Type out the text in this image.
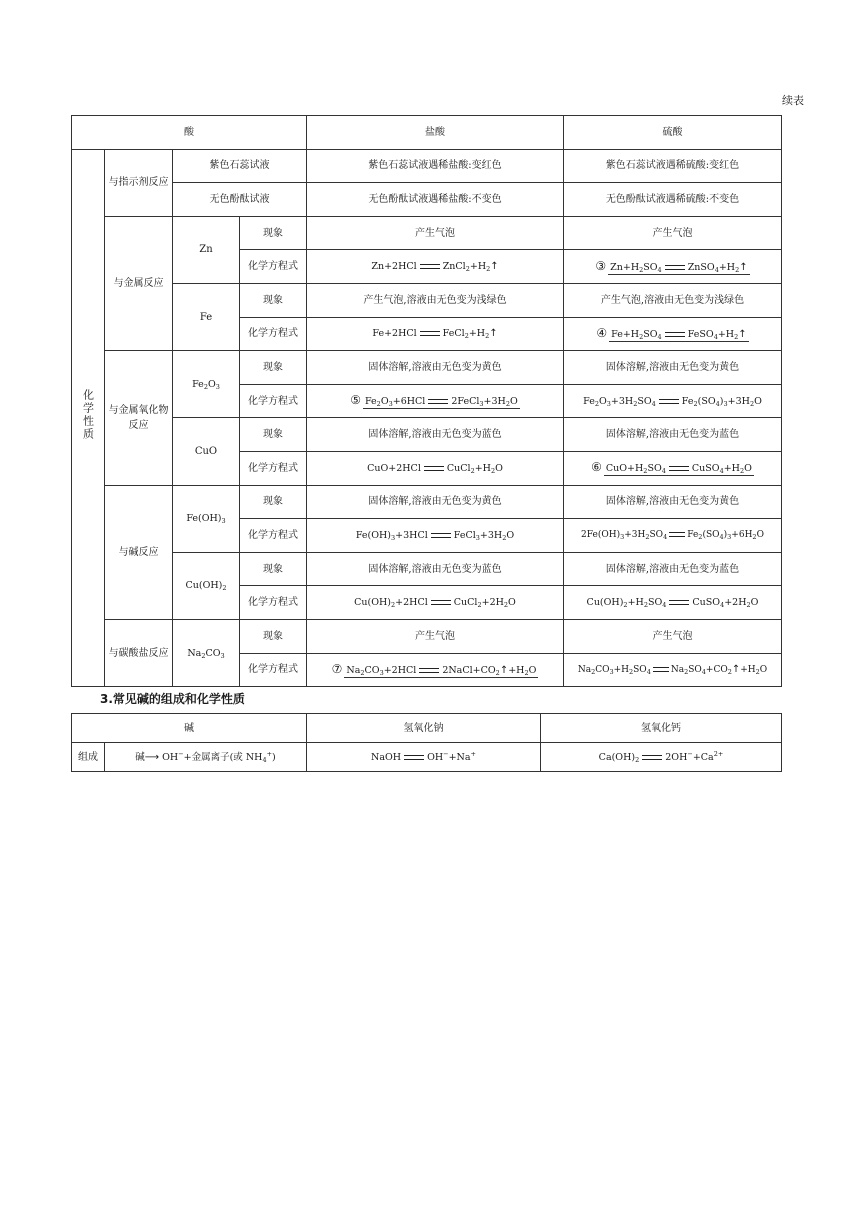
续表
酸				盐酸	硫酸
化学性质	与指示剂反应	紫色石蕊试液		紫色石蕊试液遇稀盐酸:变红色	紫色石蕊试液遇稀硫酸:变红色
		无色酚酞试液		无色酚酞试液遇稀盐酸:不变色	无色酚酞试液遇稀硫酸:不变色
	与金属反应	Zn	现象	产生气泡	产生气泡
			化学方程式	Zn+2HCl $ZnCl_2+H_2↑$	③ $Zn+H_2SO_4$ $ZnSO_4+H_2↑$
		Fe	现象	产生气泡,溶液由无色变为浅绿色	产生气泡,溶液由无色变为浅绿色
			化学方程式	Fe+2HCl $FeCl_2+H_2↑$	④ $Fe+H_2SO_4$ $FeSO_4+H_2↑$
	与金属氧化物反应	$Fe_2O_3$	现象	固体溶解,溶液由无色变为黄色	固体溶解,溶液由无色变为黄色
			化学方程式	⑤ $Fe_2O_3+6HCl$ $2FeCl_3+3H_2O$	$Fe_2O_3+3H_2SO_4$ $Fe_2(SO_4)_3+3H_2O$
		CuO	现象	固体溶解,溶液由无色变为蓝色	固体溶解,溶液由无色变为蓝色
			化学方程式	CuO+2HCl $CuCl_2+H_2O$	⑥ $CuO+H_2SO_4$ $CuSO_4+H_2O$
	与碱反应	$Fe(OH)_3$	现象	固体溶解,溶液由无色变为黄色	固体溶解,溶液由无色变为黄色
			化学方程式	$Fe(OH)_3+3HCl$ $FeCl_3+3H_2O$	$2Fe(OH)_3+3H_2SO_4$ $Fe_2(SO_4)_3+6H_2O$
		$Cu(OH)_2$	现象	固体溶解,溶液由无色变为蓝色	固体溶解,溶液由无色变为蓝色
			化学方程式	$Cu(OH)_2+2HCl$ $CuCl_2+2H_2O$	$Cu(OH)_2+H_2SO_4$ $CuSO_4+2H_2O$
	与碳酸盐反应	$Na_2CO_3$	现象	产生气泡	产生气泡
			化学方程式	⑦ $Na_2CO_3+2HCl$ $2NaCl+CO_2↑+H_2O$	$Na_2CO_3+H_2SO_4$ $Na_2SO_4+CO_2↑+H_2O$
3.常见碱的组成和化学性质
碱		氢氧化钠	氢氧化钙
组成	碱⟶ OH−+金属离子(或 $NH_4^+$)	NaOH OH−+Na+	$Ca(OH)_2$ $2OH^-+Ca^{2+}$
